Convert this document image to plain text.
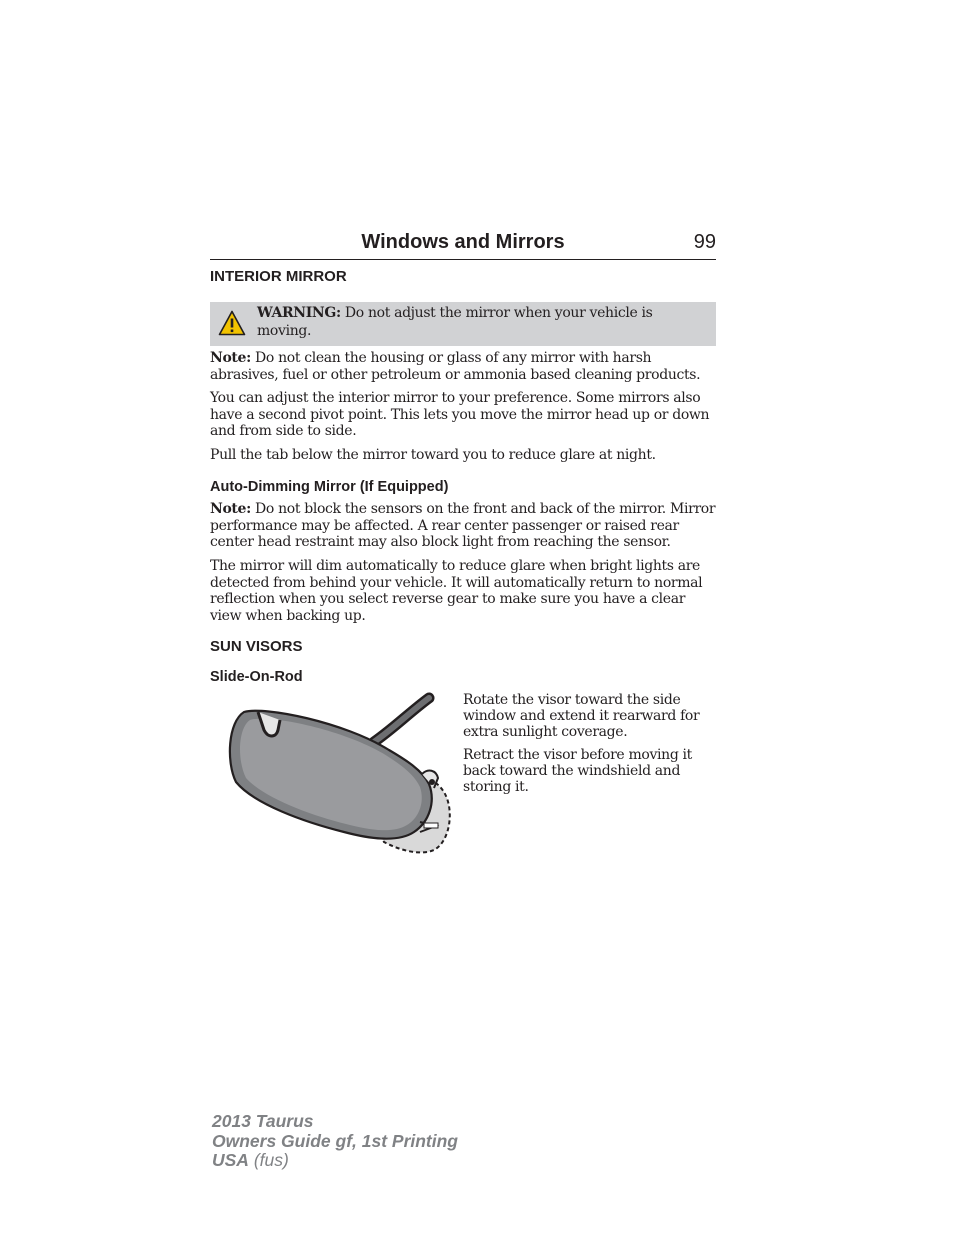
Windows and Mirrors	99
INTERIOR MIRROR
WARNING: Do not adjust the mirror when your vehicle is moving.
Note: Do not clean the housing or glass of any mirror with harsh abrasives, fuel or other petroleum or ammonia based cleaning products.
You can adjust the interior mirror to your preference. Some mirrors also have a second pivot point. This lets you move the mirror head up or down and from side to side.
Pull the tab below the mirror toward you to reduce glare at night.
Auto-Dimming Mirror (If Equipped)
Note: Do not block the sensors on the front and back of the mirror. Mirror performance may be affected. A rear center passenger or raised rear center head restraint may also block light from reaching the sensor.
The mirror will dim automatically to reduce glare when bright lights are detected from behind your vehicle. It will automatically return to normal reflection when you select reverse gear to make sure you have a clear view when backing up.
SUN VISORS
Slide-On-Rod
Rotate the visor toward the side window and extend it rearward for extra sunlight coverage.
Retract the visor before moving it back toward the windshield and storing it.
2013 Taurus
Owners Guide gf, 1st Printing
USA (fus)
